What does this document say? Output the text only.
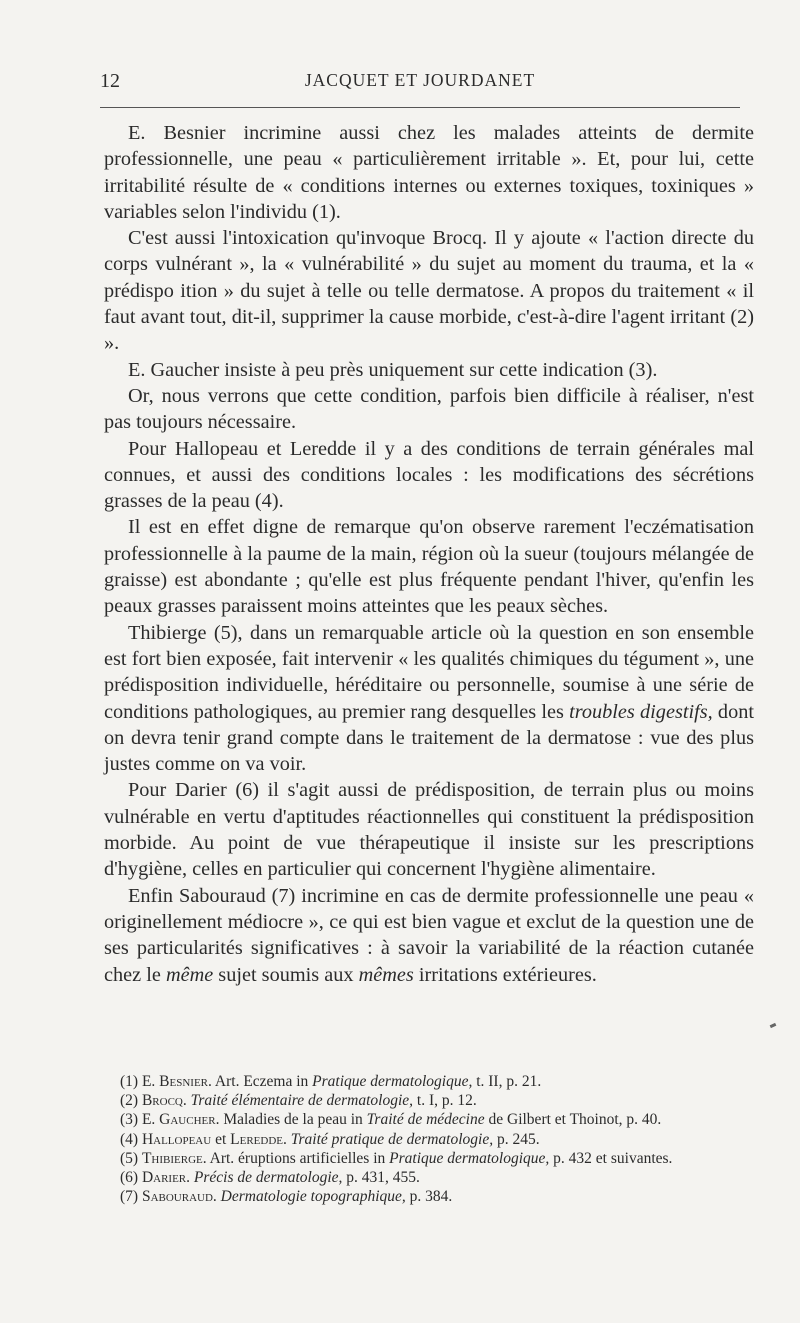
12	JACQUET ET JOURDANET

E. Besnier incrimine aussi chez les malades atteints de dermite professionnelle, une peau « particulièrement irritable ». Et, pour lui, cette irritabilité résulte de « conditions internes ou externes toxiques, toxiniques » variables selon l'individu (1).

C'est aussi l'intoxication qu'invoque Brocq. Il y ajoute « l'action directe du corps vulnérant », la « vulnérabilité » du sujet au moment du trauma, et la « prédispo ition » du sujet à telle ou telle dermatose. A propos du traitement « il faut avant tout, dit-il, supprimer la cause morbide, c'est-à-dire l'agent irritant (2) ».

E. Gaucher insiste à peu près uniquement sur cette indication (3).

Or, nous verrons que cette condition, parfois bien difficile à réaliser, n'est pas toujours nécessaire.

Pour Hallopeau et Leredde il y a des conditions de terrain générales mal connues, et aussi des conditions locales : les modifications des sécrétions grasses de la peau (4).

Il est en effet digne de remarque qu'on observe rarement l'eczématisation professionnelle à la paume de la main, région où la sueur (toujours mélangée de graisse) est abondante ; qu'elle est plus fréquente pendant l'hiver, qu'enfin les peaux grasses paraissent moins atteintes que les peaux sèches.

Thibierge (5), dans un remarquable article où la question en son ensemble est fort bien exposée, fait intervenir « les qualités chimiques du tégument », une prédisposition individuelle, héréditaire ou personnelle, soumise à une série de conditions pathologiques, au premier rang desquelles les troubles digestifs, dont on devra tenir grand compte dans le traitement de la dermatose : vue des plus justes comme on va voir.

Pour Darier (6) il s'agit aussi de prédisposition, de terrain plus ou moins vulnérable en vertu d'aptitudes réactionnelles qui constituent la prédisposition morbide. Au point de vue thérapeutique il insiste sur les prescriptions d'hygiène, celles en particulier qui concernent l'hygiène alimentaire.

Enfin Sabouraud (7) incrimine en cas de dermite professionnelle une peau « originellement médiocre », ce qui est bien vague et exclut de la question une de ses particularités significatives : à savoir la variabilité de la réaction cutanée chez le même sujet soumis aux mêmes irritations extérieures.

(1) E. Besnier. Art. Eczema in Pratique dermatologique, t. II, p. 21.

(2) Brocq. Traité élémentaire de dermatologie, t. I, p. 12.

(3) E. Gaucher. Maladies de la peau in Traité de médecine de Gilbert et Thoinot, p. 40.

(4) Hallopeau et Leredde. Traité pratique de dermatologie, p. 245.

(5) Thibierge. Art. éruptions artificielles in Pratique dermatologique, p. 432 et suivantes.

(6) Darier. Précis de dermatologie, p. 431, 455.

(7) Sabouraud. Dermatologie topographique, p. 384.
